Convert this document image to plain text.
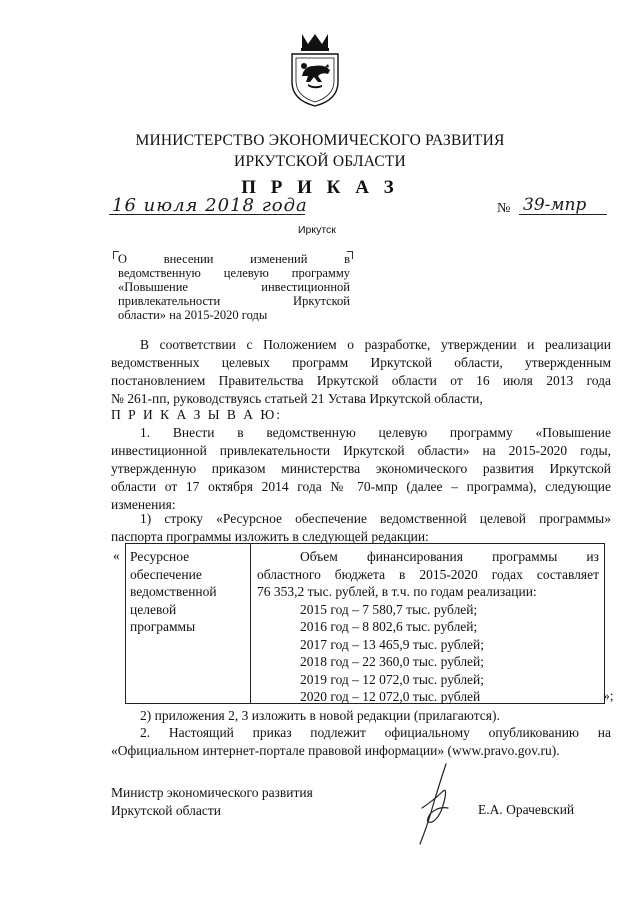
МИНИСТЕРСТВО ЭКОНОМИЧЕСКОГО РАЗВИТИЯ
ИРКУТСКОЙ ОБЛАСТИ
П Р И К А З
16 июля 2018 года	№ 39-мпр
Иркутск
О внесении изменений в
ведомственную целевую программу
«Повышение инвестиционной
привлекательности Иркутской
области» на 2015-2020 годы
В соответствии с Положением о разработке, утверждении и реализации
ведомственных целевых программ Иркутской области, утвержденным
постановлением Правительства Иркутской области от 16 июля 2013 года
№ 261-пп, руководствуясь статьей 21 Устава Иркутской области,
П Р И К А З Ы В А Ю:
1. Внести в ведомственную целевую программу «Повышение
инвестиционной привлекательности Иркутской области» на 2015-2020 годы,
утвержденную приказом министерства экономического развития Иркутской
области от 17 октября 2014 года № 70-мпр (далее – программа), следующие
изменения:
1) строку «Ресурсное обеспечение ведомственной целевой программы»
паспорта программы изложить в следующей редакции:
« Ресурсное
обеспечение
ведомственной
целевой
программы
Объем финансирования программы из
областного бюджета в 2015-2020 годах составляет
76 353,2 тыс. рублей, в т.ч. по годам реализации:
2015 год – 7 580,7 тыс. рублей;
2016 год – 8 802,6 тыс. рублей;
2017 год – 13 465,9 тыс. рублей;
2018 год – 22 360,0 тыс. рублей;
2019 год – 12 072,0 тыс. рублей;
2020 год – 12 072,0 тыс. рублей	»;
2) приложения 2, 3 изложить в новой редакции (прилагаются).
2. Настоящий приказ подлежит официальному опубликованию на
«Официальном интернет-портале правовой информации» (www.pravo.gov.ru).
Министр экономического развития
Иркутской области	Е.А. Орачевский
